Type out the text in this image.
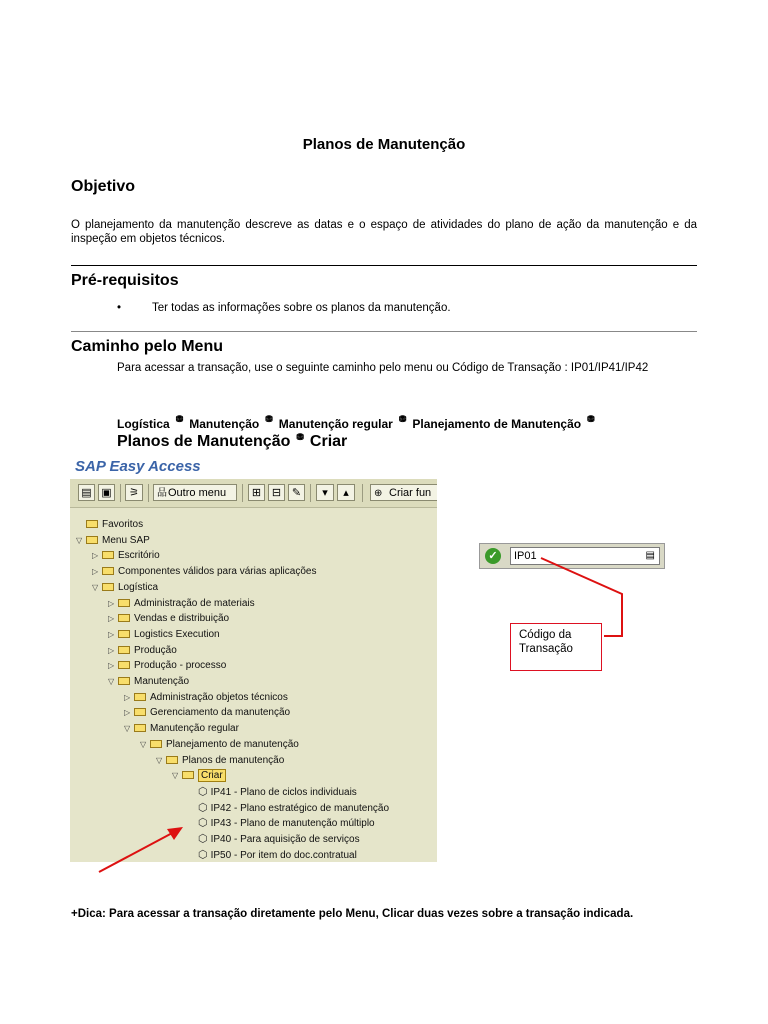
Planos de Manutenção
Objetivo
O planejamento da manutenção descreve as datas e o espaço de atividades do plano de ação da manutenção e da inspeção em objetos técnicos.
Pré-requisitos
•	Ter todas as informações sobre os planos da manutenção.
Caminho pelo Menu
Para acessar a transação, use o seguinte caminho pelo menu ou Código de Transação : IP01/IP41/IP42
Logística ⛃ Manutenção ⛃ Manutenção regular ⛃ Planejamento de Manutenção ⛃
Planos de Manutenção ⛃ Criar
SAP Easy Access
▤ ▣	⚞	品 Outro menu	⊞ ⊟ ✎	▾	▴	⊕ Criar fun
Favoritos
▽ Menu SAP
▷ Escritório
▷ Componentes válidos para várias aplicações
▽ Logística
▷ Administração de materiais
▷ Vendas e distribuição
▷ Logistics Execution
▷ Produção
▷ Produção - processo
▽ Manutenção
▷ Administração objetos técnicos
▷ Gerenciamento da manutenção
▽ Manutenção regular
▽ Planejamento de manutenção
▽ Planos de manutenção
▽ Criar
⬡ IP41 - Plano de ciclos individuais
⬡ IP42 - Plano estratégico de manutenção
⬡ IP43 - Plano de manutenção múltiplo
⬡ IP40 - Para aquisição de serviços
⬡ IP50 - Por item do doc.contratual
✓	IP01	▤
Código da
Transação
+Dica: Para acessar a transação diretamente pelo Menu, Clicar duas vezes sobre a transação indicada.
